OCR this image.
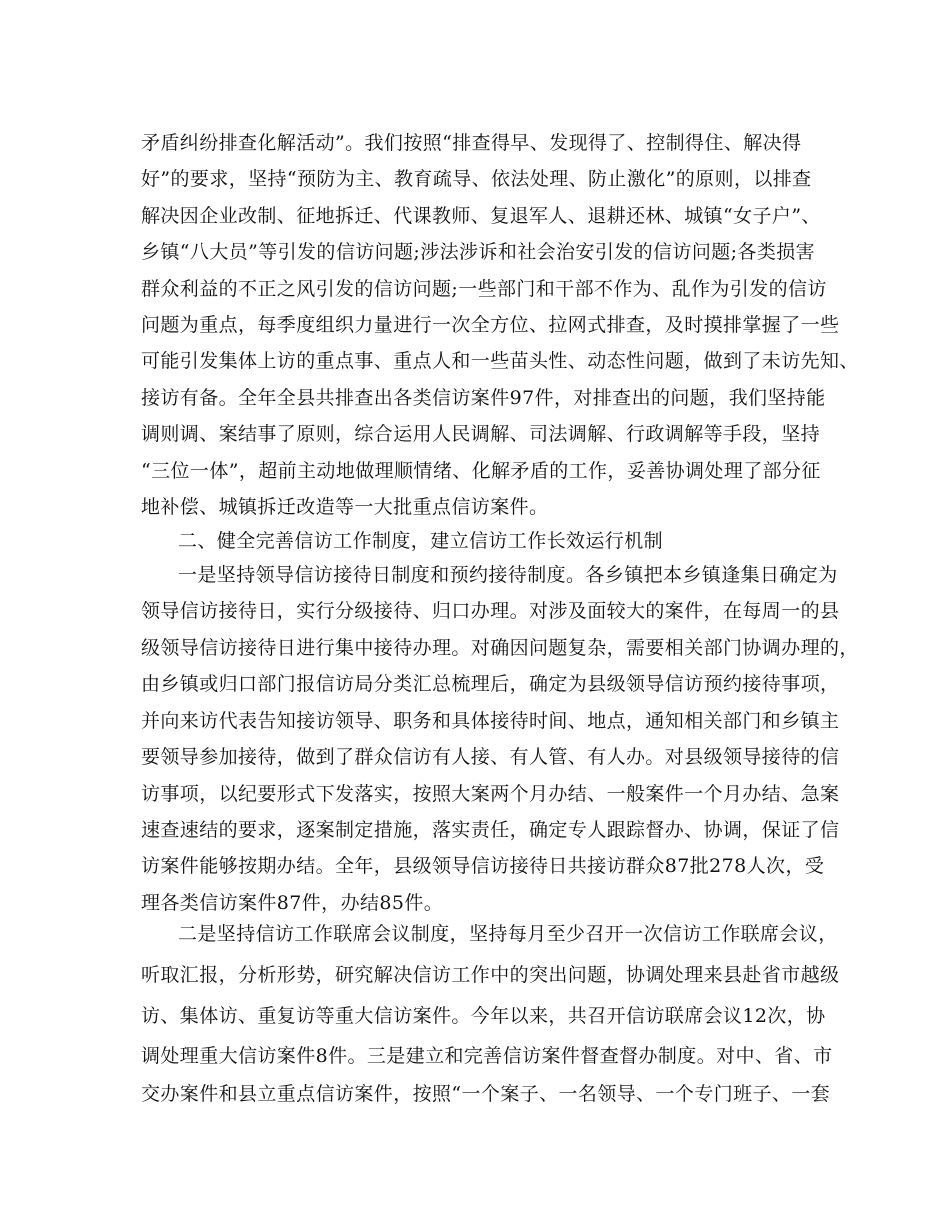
矛盾纠纷排查化解活动”。我们按照“排查得早、发现得了、控制得住、解决得
好”的要求，坚持“预防为主、教育疏导、依法处理、防止激化”的原则，以排查
解决因企业改制、征地拆迁、代课教师、复退军人、退耕还林、城镇“女子户”、
乡镇“八大员”等引发的信访问题;涉法涉诉和社会治安引发的信访问题;各类损害
群众利益的不正之风引发的信访问题;一些部门和干部不作为、乱作为引发的信访
问题为重点，每季度组织力量进行一次全方位、拉网式排查，及时摸排掌握了一些
可能引发集体上访的重点事、重点人和一些苗头性、动态性问题，做到了未访先知、
接访有备。全年全县共排查出各类信访案件97件，对排查出的问题，我们坚持能
调则调、案结事了原则，综合运用人民调解、司法调解、行政调解等手段，坚持
“三位一体”，超前主动地做理顺情绪、化解矛盾的工作，妥善协调处理了部分征
地补偿、城镇拆迁改造等一大批重点信访案件。
二、健全完善信访工作制度，建立信访工作长效运行机制
一是坚持领导信访接待日制度和预约接待制度。各乡镇把本乡镇逢集日确定为
领导信访接待日，实行分级接待、归口办理。对涉及面较大的案件，在每周一的县
级领导信访接待日进行集中接待办理。对确因问题复杂，需要相关部门协调办理的，
由乡镇或归口部门报信访局分类汇总梳理后，确定为县级领导信访预约接待事项，
并向来访代表告知接访领导、职务和具体接待时间、地点，通知相关部门和乡镇主
要领导参加接待，做到了群众信访有人接、有人管、有人办。对县级领导接待的信
访事项，以纪要形式下发落实，按照大案两个月办结、一般案件一个月办结、急案
速查速结的要求，逐案制定措施，落实责任，确定专人跟踪督办、协调，保证了信
访案件能够按期办结。全年，县级领导信访接待日共接访群众87批278人次，受
理各类信访案件87件，办结85件。
二是坚持信访工作联席会议制度，坚持每月至少召开一次信访工作联席会议，
听取汇报，分析形势，研究解决信访工作中的突出问题，协调处理来县赴省市越级
访、集体访、重复访等重大信访案件。今年以来，共召开信访联席会议12次，协
调处理重大信访案件8件。三是建立和完善信访案件督查督办制度。对中、省、市
交办案件和县立重点信访案件，按照“一个案子、一名领导、一个专门班子、一套
